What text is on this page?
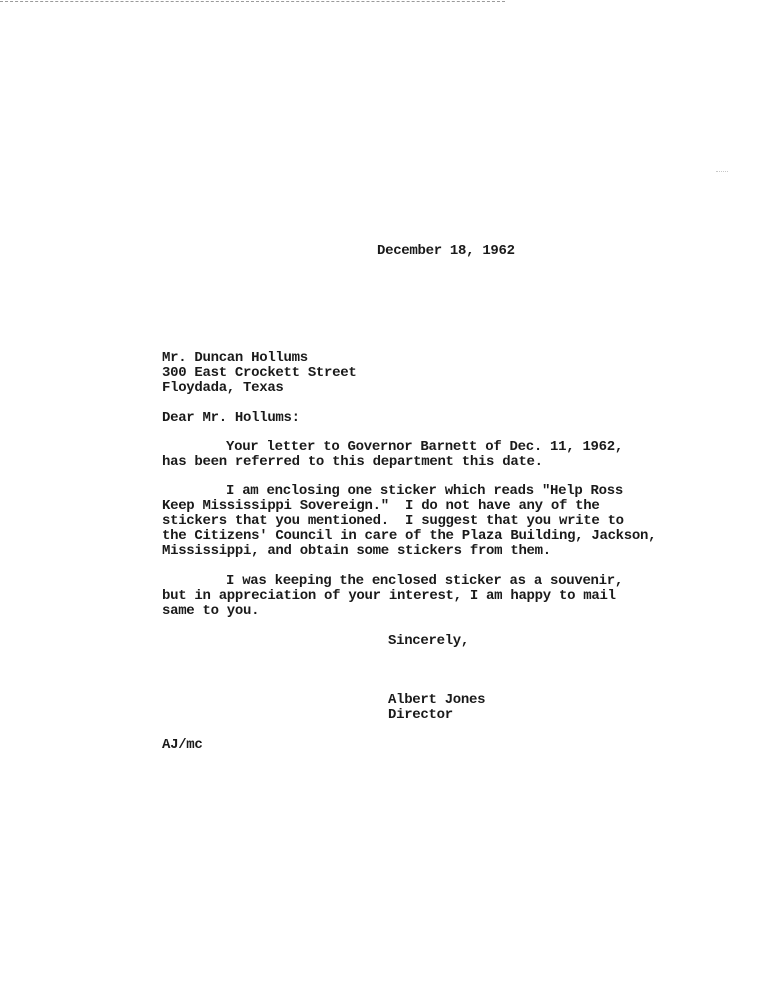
December 18, 1962
Mr. Duncan Hollums
300 East Crockett Street
Floydada, Texas
Dear Mr. Hollums:
Your letter to Governor Barnett of Dec. 11, 1962,
has been referred to this department this date.
I am enclosing one sticker which reads "Help Ross
Keep Mississippi Sovereign."  I do not have any of the
stickers that you mentioned.  I suggest that you write to
the Citizens' Council in care of the Plaza Building, Jackson,
Mississippi, and obtain some stickers from them.
I was keeping the enclosed sticker as a souvenir,
but in appreciation of your interest, I am happy to mail
same to you.
Sincerely,
Albert Jones
Director
AJ/mc
